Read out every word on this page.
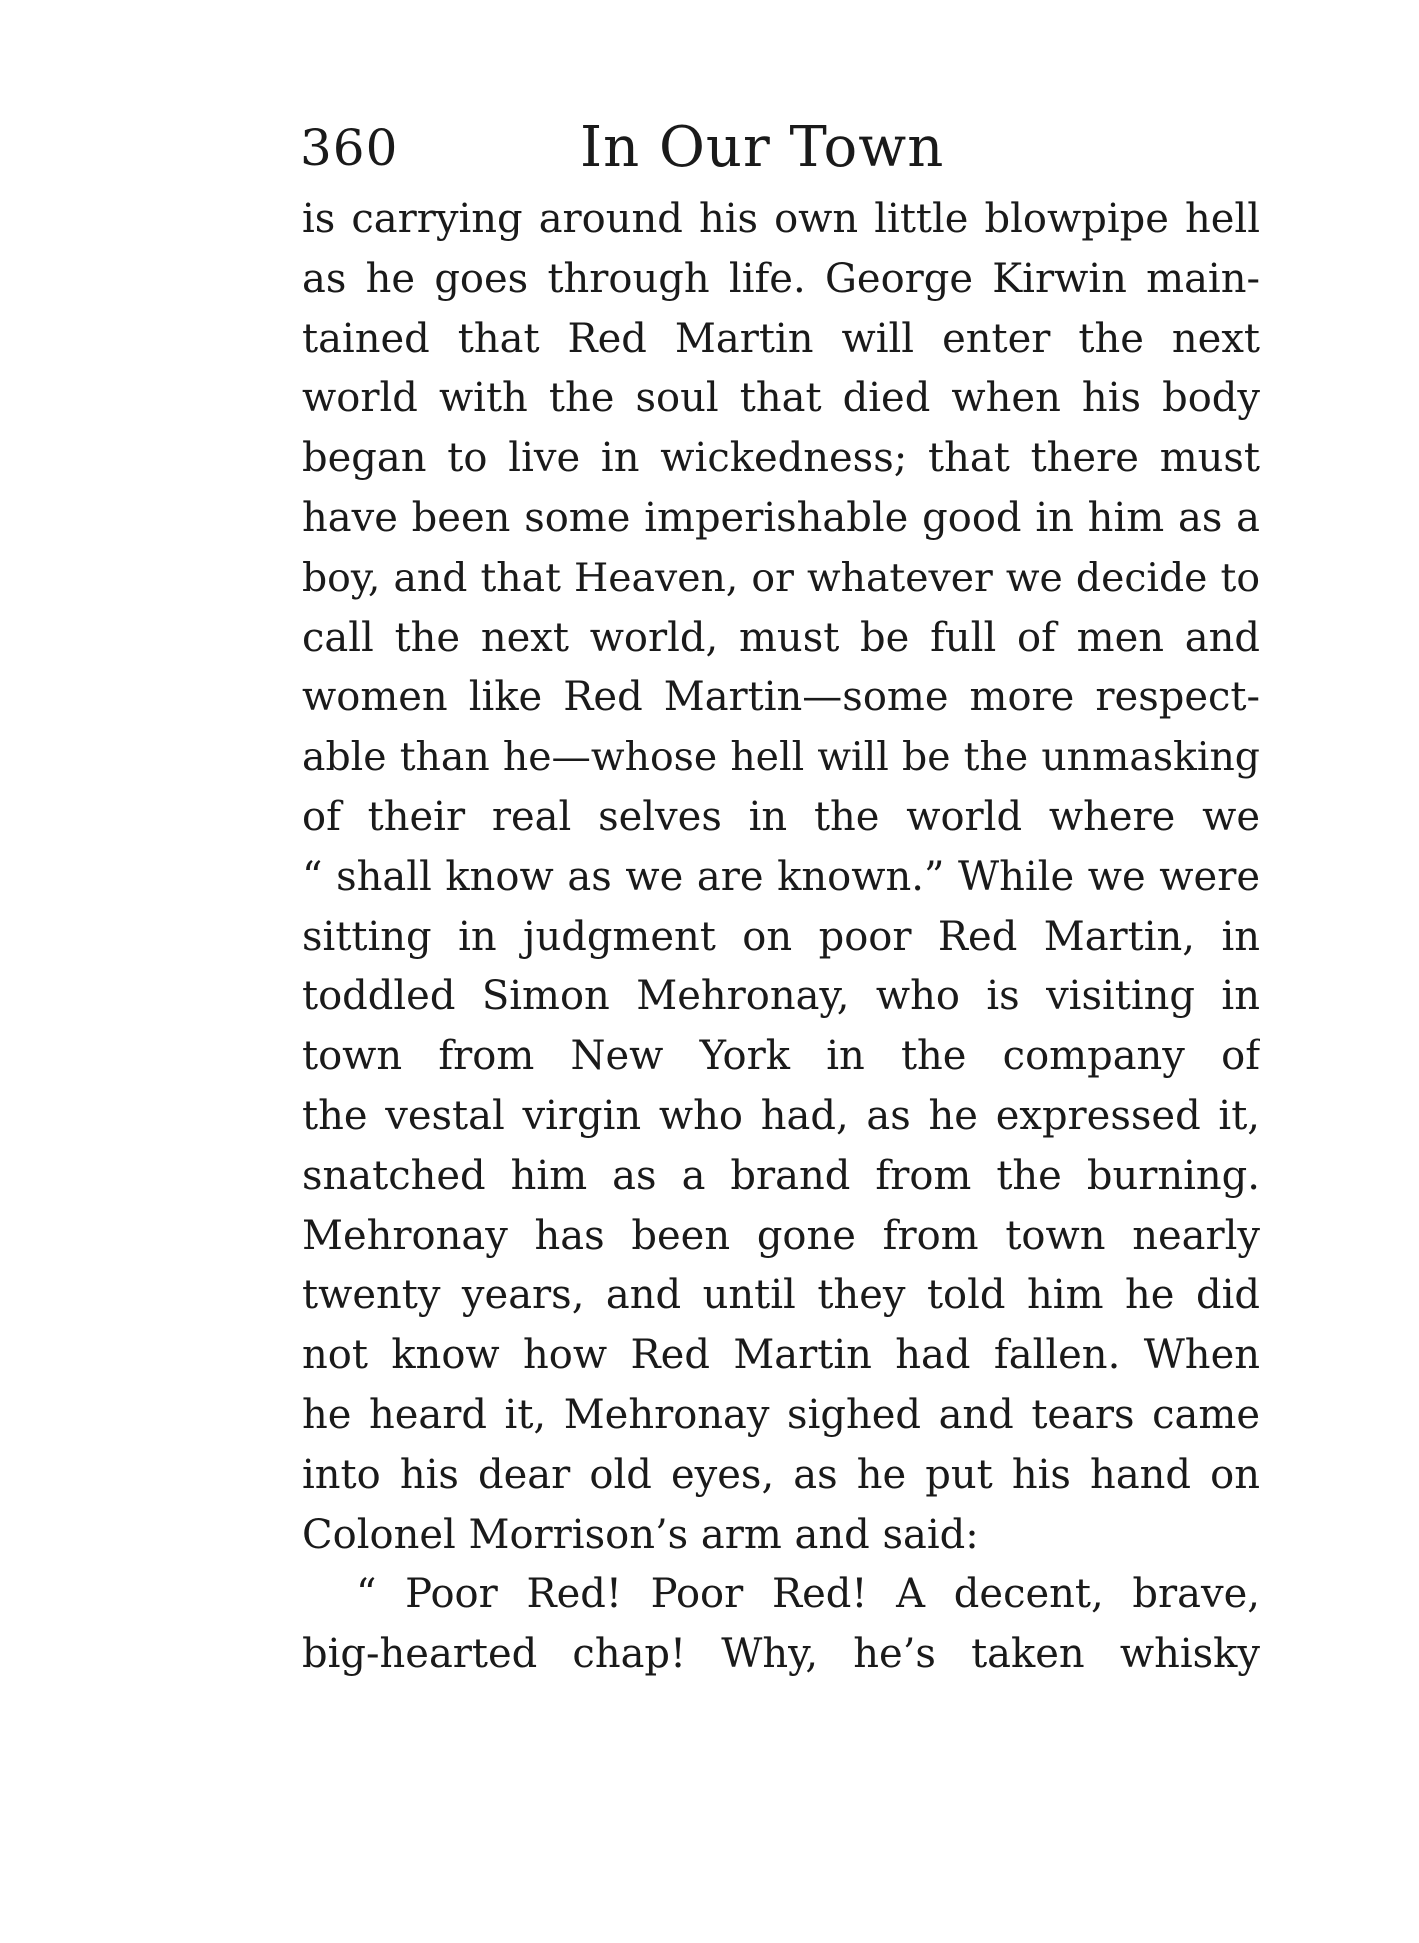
360	In Our Town
is carrying around his own little blowpipe hell
as he goes through life. George Kirwin main-
tained that Red Martin will enter the next
world with the soul that died when his body
began to live in wickedness; that there must
have been some imperishable good in him as a
boy, and that Heaven, or whatever we decide to
call the next world, must be full of men and
women like Red Martin—some more respect-
able than he—whose hell will be the unmasking
of their real selves in the world where we
“ shall know as we are known.” While we were
sitting in judgment on poor Red Martin, in
toddled Simon Mehronay, who is visiting in
town from New York in the company of
the vestal virgin who had, as he expressed it,
snatched him as a brand from the burning.
Mehronay has been gone from town nearly
twenty years, and until they told him he did
not know how Red Martin had fallen. When
he heard it, Mehronay sighed and tears came
into his dear old eyes, as he put his hand on
Colonel Morrison’s arm and said:
“ Poor Red! Poor Red! A decent, brave,
big-hearted chap! Why, he’s taken whisky
